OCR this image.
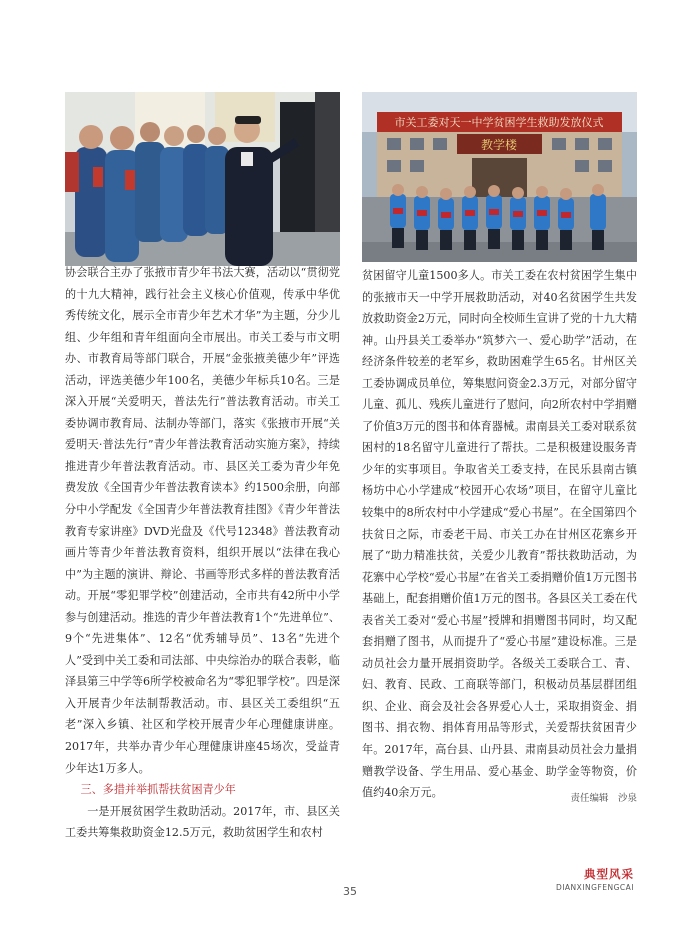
市关工委对天一中学贫困学生救助发放仪式
教学楼

协会联合主办了张掖市青少年书法大赛，活动以“贯彻党的十九大精神，践行社会主义核心价值观，传承中华优秀传统文化，展示全市青少年艺术才华”为主题，分少儿组、少年组和青年组面向全市展出。市关工委与市文明办、市教育局等部门联合，开展“金张掖美德少年”评选活动，评选美德少年100名，美德少年标兵10名。三是深入开展“关爱明天，普法先行”普法教育活动。市关工委协调市教育局、法制办等部门，落实《张掖市开展“关爱明天·普法先行”青少年普法教育活动实施方案》，持续推进青少年普法教育活动。市、县区关工委为青少年免费发放《全国青少年普法教育读本》约1500余册，向部分中小学配发《全国青少年普法教育挂图》《青少年普法教育专家讲座》DVD光盘及《代号12348》普法教育动画片等青少年普法教育资料，组织开展以“法律在我心中”为主题的演讲、辩论、书画等形式多样的普法教育活动。开展“零犯罪学校”创建活动，全市共有42所中小学参与创建活动。推选的青少年普法教育1个“先进单位”、9个“先进集体”、12名“优秀辅导员”、13名“先进个人”受到中关工委和司法部、中央综治办的联合表彰，临泽县第三中学等6所学校被命名为“零犯罪学校”。四是深入开展青少年法制帮教活动。市、县区关工委组织“五老”深入乡镇、社区和学校开展青少年心理健康讲座。2017年，共举办青少年心理健康讲座45场次，受益青少年达1万多人。

三、多措并举抓帮扶贫困青少年

一是开展贫困学生救助活动。2017年，市、县区关工委共筹集救助资金12.5万元，救助贫困学生和农村

贫困留守儿童1500多人。市关工委在农村贫困学生集中的张掖市天一中学开展救助活动，对40名贫困学生共发放救助资金2万元，同时向全校师生宣讲了党的十九大精神。山丹县关工委举办“筑梦六一、爱心助学”活动，在经济条件较差的老军乡，救助困难学生65名。甘州区关工委协调成员单位，筹集慰问资金2.3万元，对部分留守儿童、孤儿、残疾儿童进行了慰问，向2所农村中学捐赠了价值3万元的图书和体育器械。肃南县关工委对联系贫困村的18名留守儿童进行了帮扶。二是积极建设服务青少年的实事项目。争取省关工委支持，在民乐县南古镇杨坊中心小学建成“校园开心农场”项目，在留守儿童比较集中的8所农村中小学建成“爱心书屋”。在全国第四个扶贫日之际，市委老干局、市关工办在甘州区花寨乡开展了“助力精准扶贫，关爱少儿教育”帮扶救助活动，为花寨中心学校“爱心书屋”在省关工委捐赠价值1万元图书基础上，配套捐赠价值1万元的图书。各县区关工委在代表省关工委对“爱心书屋”授牌和捐赠图书同时，均又配套捐赠了图书，从而提升了“爱心书屋”建设标准。三是动员社会力量开展捐资助学。各级关工委联合工、青、妇、教育、民政、工商联等部门，积极动员基层群团组织、企业、商会及社会各界爱心人士，采取捐资金、捐图书、捐衣物、捐体育用品等形式，关爱帮扶贫困青少年。2017年，高台县、山丹县、肃南县动员社会力量捐赠教学设备、学生用品、爱心基金、助学金等物资，价值约40余万元。	责任编辑　沙泉
35
典型风采
DIANXINGFENGCAI
